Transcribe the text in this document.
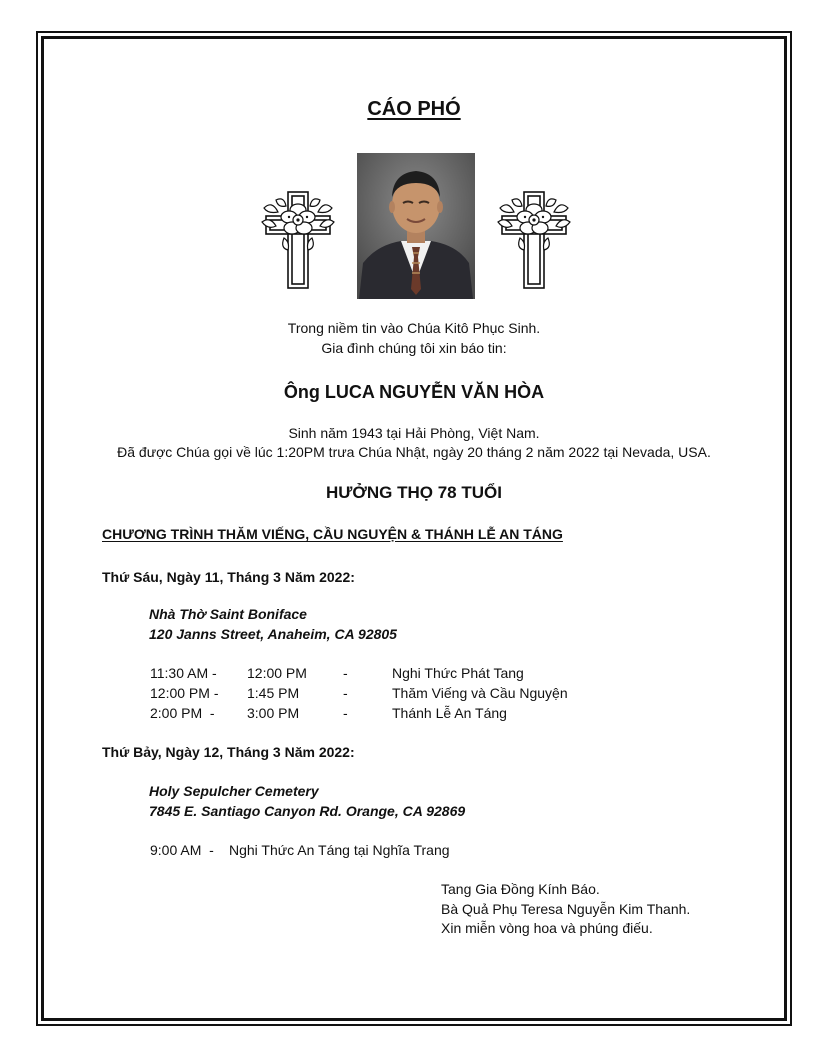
CÁO PHÓ
Trong niềm tin vào Chúa Kitô Phục Sinh.
Gia đình chúng tôi xin báo tin:
Ông LUCA NGUYỄN VĂN HÒA
Sinh năm 1943 tại Hải Phòng, Việt Nam.
Đã được Chúa gọi về lúc 1:20PM trưa Chúa Nhật, ngày 20 tháng 2 năm 2022 tại Nevada, USA.
HƯỞNG THỌ 78 TUỔI
CHƯƠNG TRÌNH THĂM VIẾNG, CẦU NGUYỆN & THÁNH LỄ AN TÁNG
Thứ Sáu, Ngày 11, Tháng 3 Năm 2022:
Nhà Thờ Saint Boniface
120 Janns Street, Anaheim, CA 92805
11:30 AM - 12:00 PM	-	Nghi Thức Phát Tang
12:00 PM - 1:45 PM	-	Thăm Viếng và Cầu Nguyện
2:00 PM  - 3:00 PM	-	Thánh Lễ An Táng
Thứ Bảy, Ngày 12, Tháng 3 Năm 2022:
Holy Sepulcher Cemetery
7845 E. Santiago Canyon Rd. Orange, CA 92869
9:00 AM  - Nghi Thức An Táng tại Nghĩa Trang
Tang Gia Đồng Kính Báo.
Bà Quả Phụ Teresa Nguyễn Kim Thanh.
Xin miễn vòng hoa và phúng điếu.
